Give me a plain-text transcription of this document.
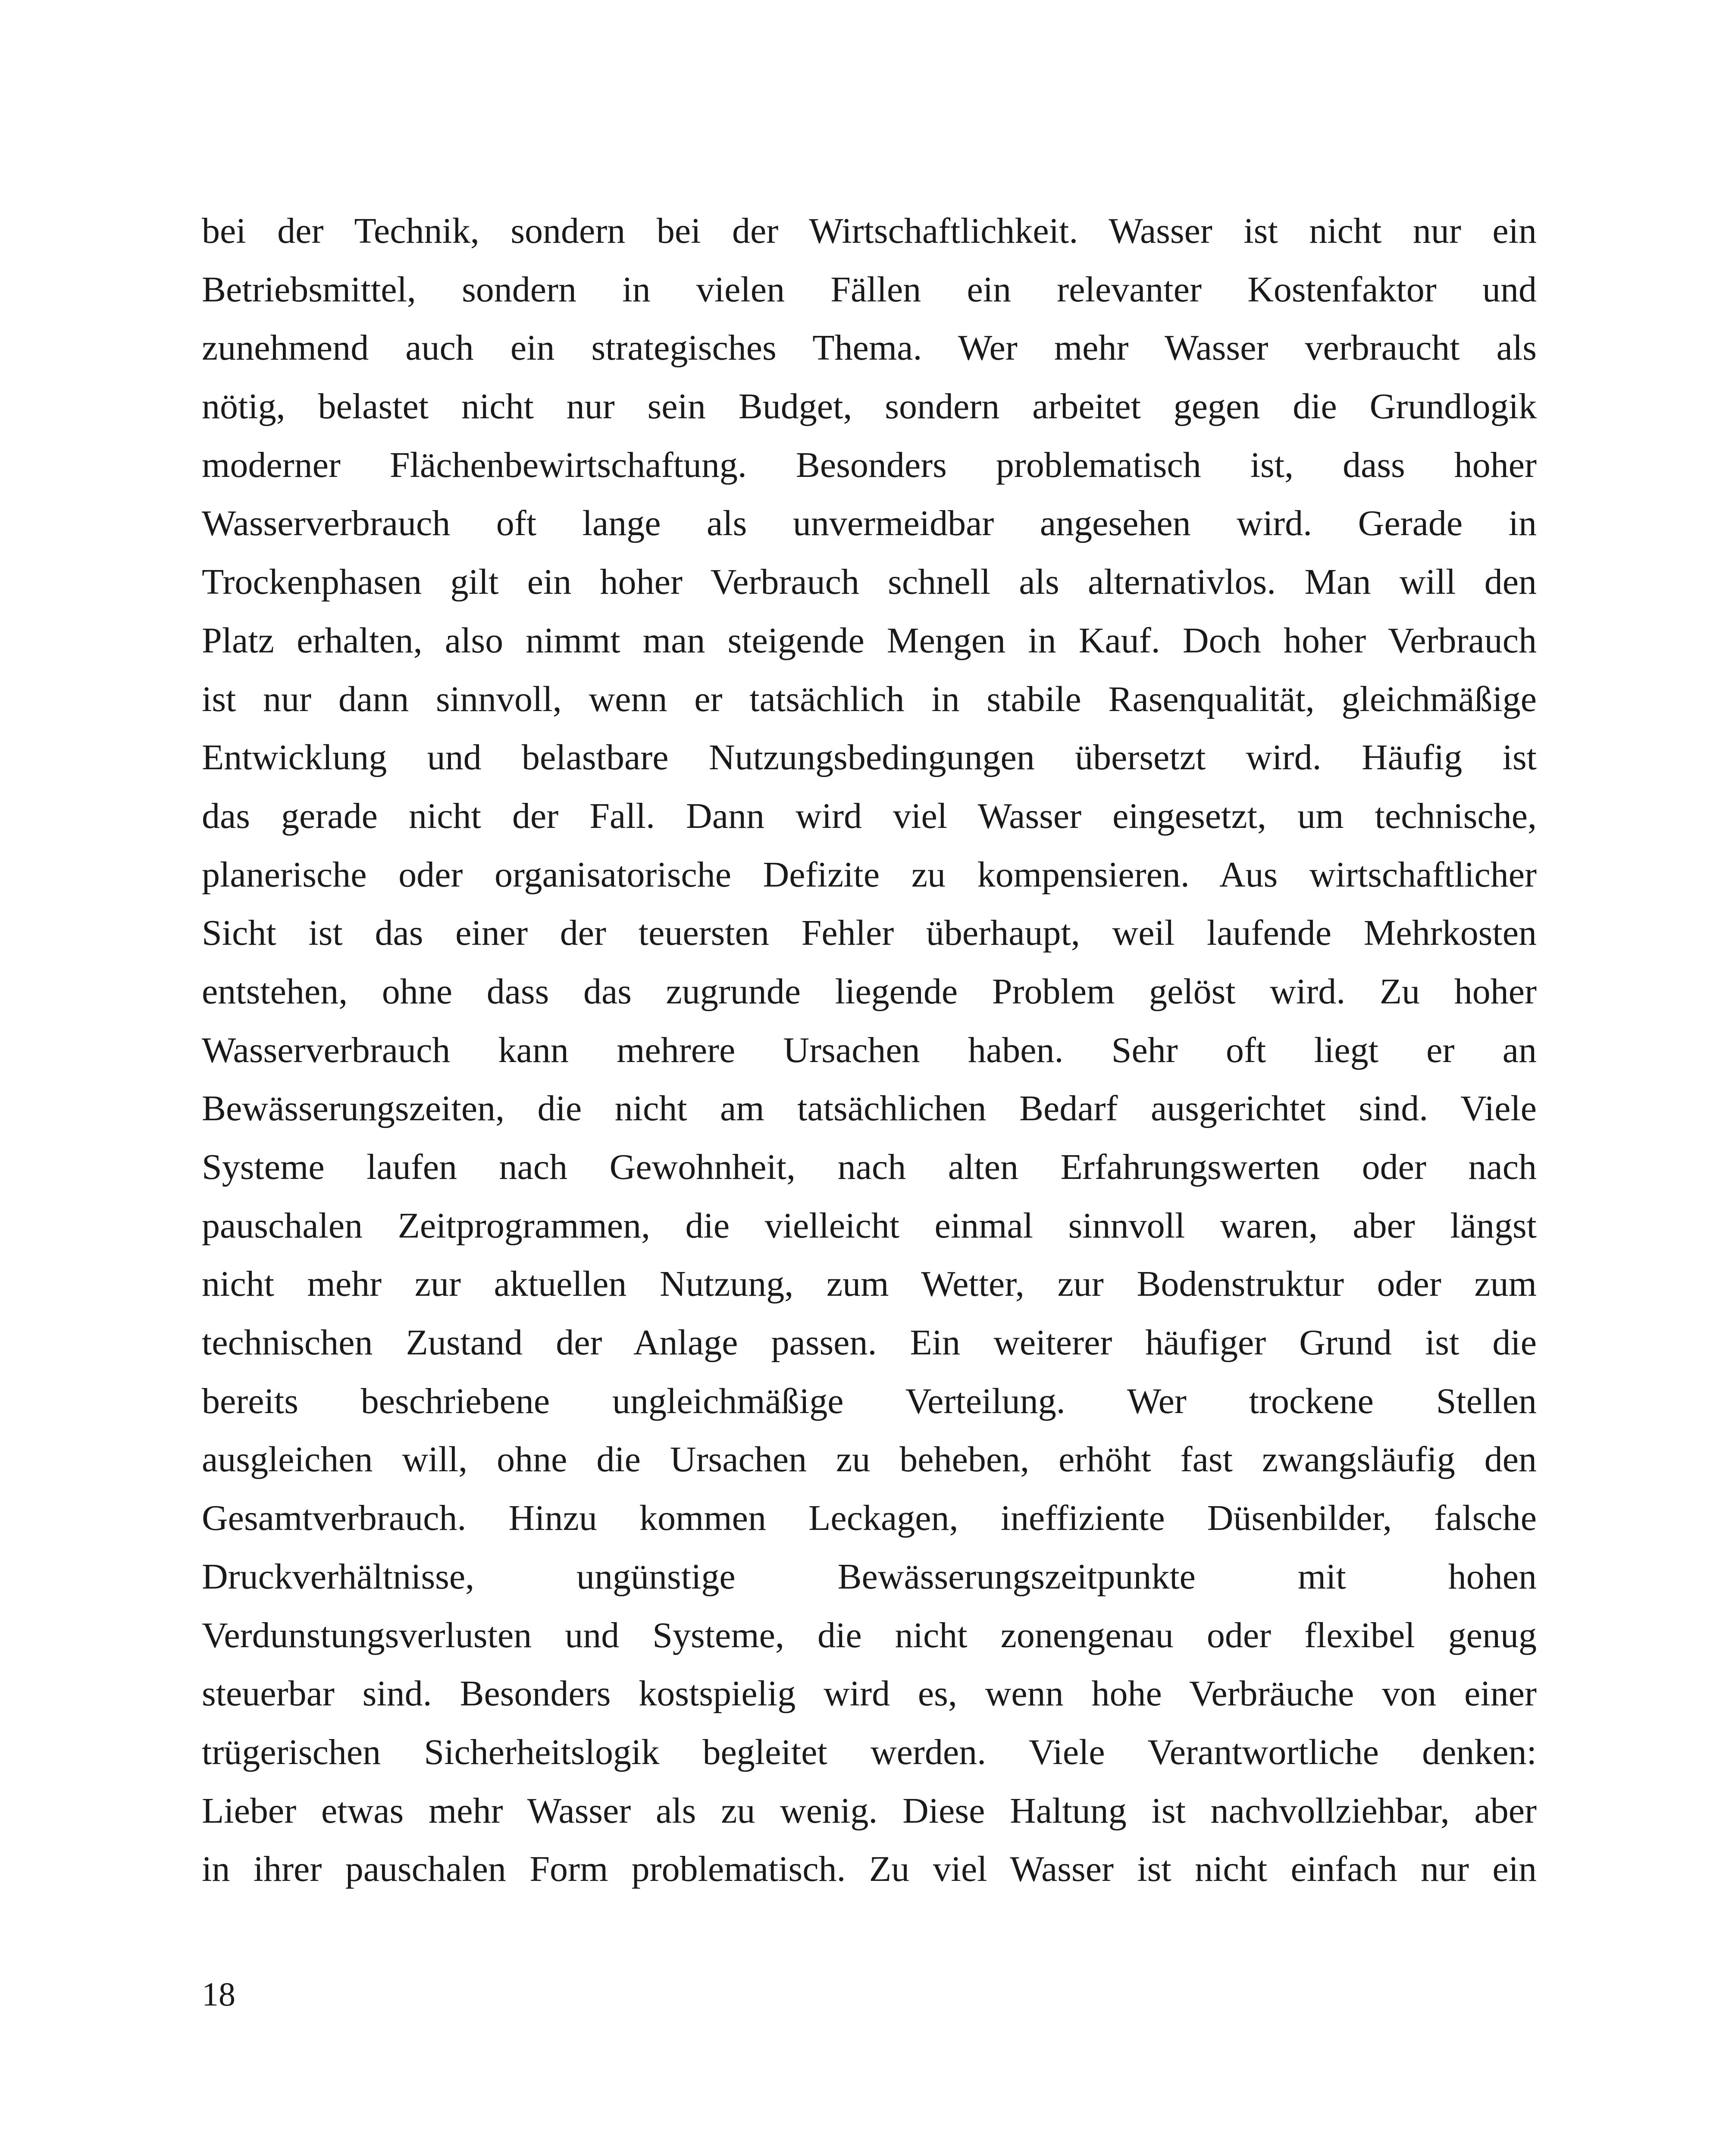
bei der Technik, sondern bei der Wirtschaftlichkeit. Wasser ist nicht nur ein
Betriebsmittel, sondern in vielen Fällen ein relevanter Kostenfaktor und
zunehmend auch ein strategisches Thema. Wer mehr Wasser verbraucht als
nötig, belastet nicht nur sein Budget, sondern arbeitet gegen die Grundlogik
moderner Flächenbewirtschaftung. Besonders problematisch ist, dass hoher
Wasserverbrauch oft lange als unvermeidbar angesehen wird. Gerade in
Trockenphasen gilt ein hoher Verbrauch schnell als alternativlos. Man will den
Platz erhalten, also nimmt man steigende Mengen in Kauf. Doch hoher Verbrauch
ist nur dann sinnvoll, wenn er tatsächlich in stabile Rasenqualität, gleichmäßige
Entwicklung und belastbare Nutzungsbedingungen übersetzt wird. Häufig ist
das gerade nicht der Fall. Dann wird viel Wasser eingesetzt, um technische,
planerische oder organisatorische Defizite zu kompensieren. Aus wirtschaftlicher
Sicht ist das einer der teuersten Fehler überhaupt, weil laufende Mehrkosten
entstehen, ohne dass das zugrunde liegende Problem gelöst wird. Zu hoher
Wasserverbrauch kann mehrere Ursachen haben. Sehr oft liegt er an
Bewässerungszeiten, die nicht am tatsächlichen Bedarf ausgerichtet sind. Viele
Systeme laufen nach Gewohnheit, nach alten Erfahrungswerten oder nach
pauschalen Zeitprogrammen, die vielleicht einmal sinnvoll waren, aber längst
nicht mehr zur aktuellen Nutzung, zum Wetter, zur Bodenstruktur oder zum
technischen Zustand der Anlage passen. Ein weiterer häufiger Grund ist die
bereits beschriebene ungleichmäßige Verteilung. Wer trockene Stellen
ausgleichen will, ohne die Ursachen zu beheben, erhöht fast zwangsläufig den
Gesamtverbrauch. Hinzu kommen Leckagen, ineffiziente Düsenbilder, falsche
Druckverhältnisse, ungünstige Bewässerungszeitpunkte mit hohen
Verdunstungsverlusten und Systeme, die nicht zonengenau oder flexibel genug
steuerbar sind. Besonders kostspielig wird es, wenn hohe Verbräuche von einer
trügerischen Sicherheitslogik begleitet werden. Viele Verantwortliche denken:
Lieber etwas mehr Wasser als zu wenig. Diese Haltung ist nachvollziehbar, aber
in ihrer pauschalen Form problematisch. Zu viel Wasser ist nicht einfach nur ein

18
